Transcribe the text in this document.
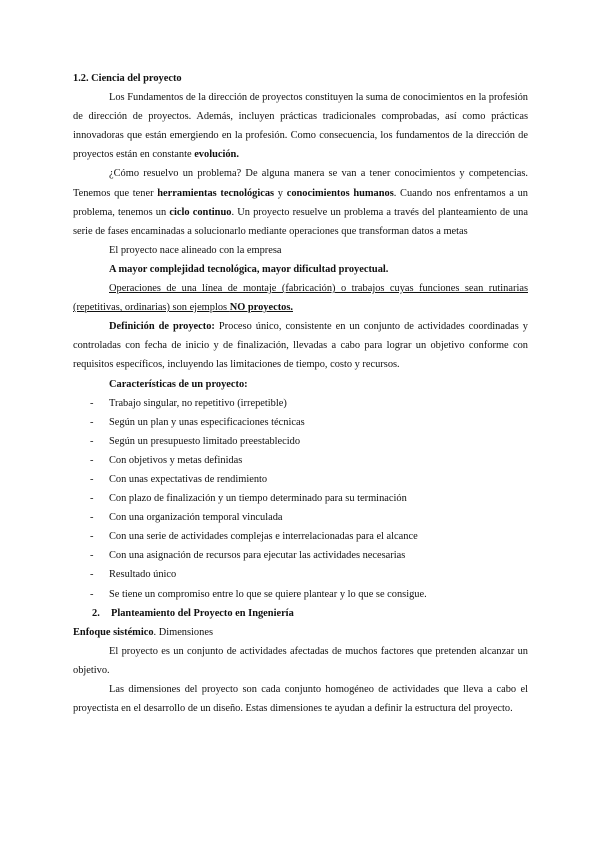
1.2. Ciencia del proyecto

Los Fundamentos de la dirección de proyectos constituyen la suma de conocimientos en la profesión de dirección de proyectos. Además, incluyen prácticas tradicionales comprobadas, así como prácticas innovadoras que están emergiendo en la profesión. Como consecuencia, los fundamentos de la dirección de proyectos están en constante evolución.

¿Cómo resuelvo un problema? De alguna manera se van a tener conocimientos y competencias. Tenemos que tener herramientas tecnológicas y conocimientos humanos. Cuando nos enfrentamos a un problema, tenemos un ciclo continuo. Un proyecto resuelve un problema a través del planteamiento de una serie de fases encaminadas a solucionarlo mediante operaciones que transforman datos a metas

El proyecto nace alineado con la empresa

A mayor complejidad tecnológica, mayor dificultad proyectual.

Operaciones de una línea de montaje (fabricación) o trabajos cuyas funciones sean rutinarias (repetitivas, ordinarias) son ejemplos NO proyectos.

Definición de proyecto: Proceso único, consistente en un conjunto de actividades coordinadas y controladas con fecha de inicio y de finalización, llevadas a cabo para lograr un objetivo conforme con requisitos específicos, incluyendo las limitaciones de tiempo, costo y recursos.

Características de un proyecto:

- Trabajo singular, no repetitivo (irrepetible)

- Según un plan y unas especificaciones técnicas

- Según un presupuesto limitado preestablecido

- Con objetivos y metas definidas

- Con unas expectativas de rendimiento

- Con plazo de finalización y un tiempo determinado para su terminación

- Con una organización temporal vinculada

- Con una serie de actividades complejas e interrelacionadas para el alcance

- Con una asignación de recursos para ejecutar las actividades necesarias

- Resultado único

- Se tiene un compromiso entre lo que se quiere plantear y lo que se consigue.

2. Planteamiento del Proyecto en Ingeniería

Enfoque sistémico. Dimensiones

El proyecto es un conjunto de actividades afectadas de muchos factores que pretenden alcanzar un objetivo.

Las dimensiones del proyecto son cada conjunto homogéneo de actividades que lleva a cabo el proyectista en el desarrollo de un diseño. Estas dimensiones te ayudan a definir la estructura del proyecto.
